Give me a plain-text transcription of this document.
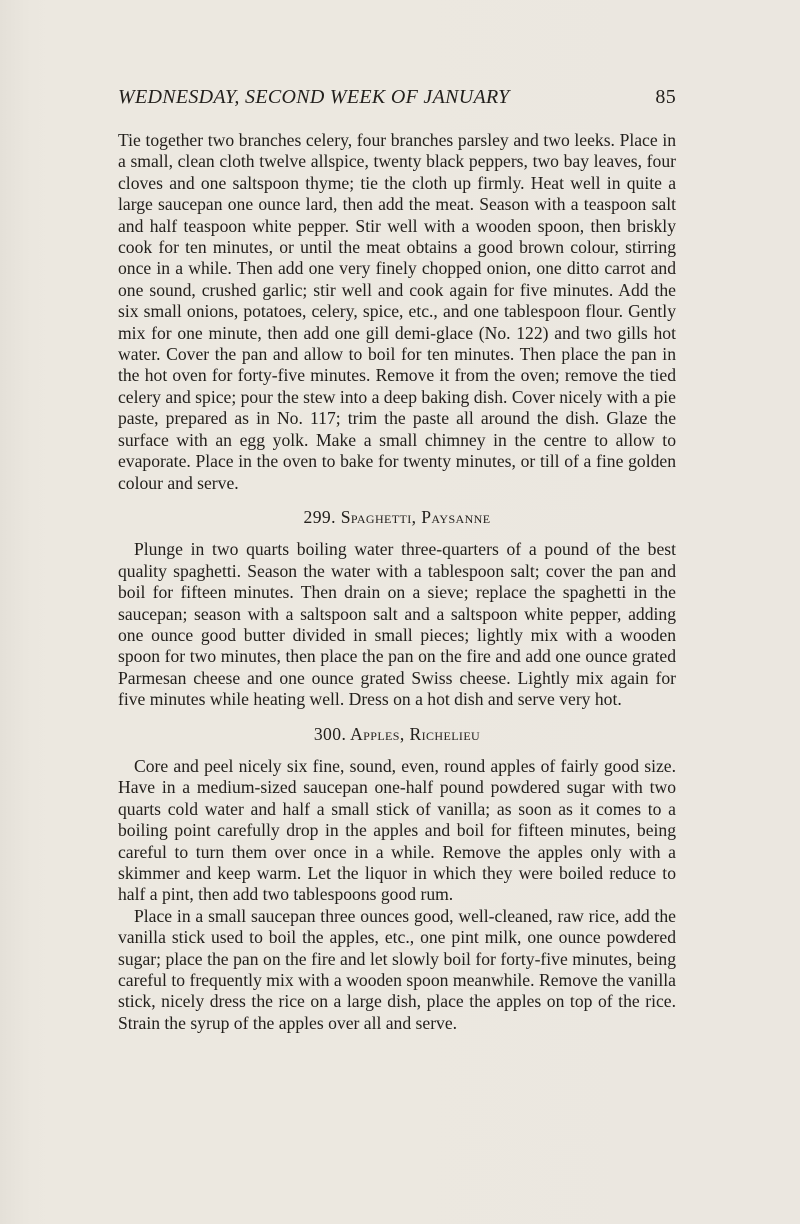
WEDNESDAY, SECOND WEEK OF JANUARY	85

Tie together two branches celery, four branches parsley and two leeks. Place in a small, clean cloth twelve allspice, twenty black peppers, two bay leaves, four cloves and one saltspoon thyme; tie the cloth up firmly. Heat well in quite a large saucepan one ounce lard, then add the meat. Season with a teaspoon salt and half teaspoon white pepper. Stir well with a wooden spoon, then briskly cook for ten minutes, or until the meat obtains a good brown colour, stirring once in a while. Then add one very finely chopped onion, one ditto carrot and one sound, crushed garlic; stir well and cook again for five minutes. Add the six small onions, potatoes, celery, spice, etc., and one tablespoon flour. Gently mix for one minute, then add one gill demi-glace (No. 122) and two gills hot water. Cover the pan and allow to boil for ten minutes. Then place the pan in the hot oven for forty-five minutes. Remove it from the oven; remove the tied celery and spice; pour the stew into a deep baking dish. Cover nicely with a pie paste, prepared as in No. 117; trim the paste all around the dish. Glaze the surface with an egg yolk. Make a small chimney in the centre to allow to evaporate. Place in the oven to bake for twenty minutes, or till of a fine golden colour and serve.

299. Spaghetti, Paysanne

Plunge in two quarts boiling water three-quarters of a pound of the best quality spaghetti. Season the water with a tablespoon salt; cover the pan and boil for fifteen minutes. Then drain on a sieve; replace the spaghetti in the saucepan; season with a saltspoon salt and a saltspoon white pepper, adding one ounce good butter divided in small pieces; lightly mix with a wooden spoon for two minutes, then place the pan on the fire and add one ounce grated Parmesan cheese and one ounce grated Swiss cheese. Lightly mix again for five minutes while heating well. Dress on a hot dish and serve very hot.

300. Apples, Richelieu

Core and peel nicely six fine, sound, even, round apples of fairly good size. Have in a medium-sized saucepan one-half pound powdered sugar with two quarts cold water and half a small stick of vanilla; as soon as it comes to a boiling point carefully drop in the apples and boil for fifteen minutes, being careful to turn them over once in a while. Remove the apples only with a skimmer and keep warm. Let the liquor in which they were boiled reduce to half a pint, then add two tablespoons good rum.

Place in a small saucepan three ounces good, well-cleaned, raw rice, add the vanilla stick used to boil the apples, etc., one pint milk, one ounce powdered sugar; place the pan on the fire and let slowly boil for forty-five minutes, being careful to frequently mix with a wooden spoon meanwhile. Remove the vanilla stick, nicely dress the rice on a large dish, place the apples on top of the rice. Strain the syrup of the apples over all and serve.
